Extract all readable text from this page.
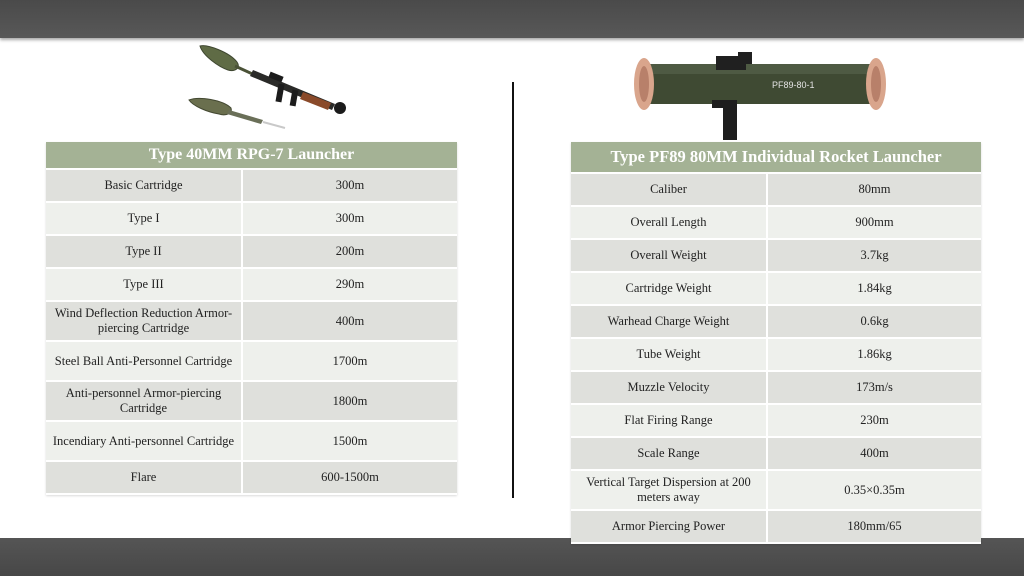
PF89-80-1
Type 40MM RPG-7 Launcher	
Basic Cartridge	300m
Type I	300m
Type II	200m
Type III	290m
Wind Deflection Reduction Armor-piercing Cartridge	400m
Steel Ball Anti-Personnel Cartridge	1700m
Anti-personnel Armor-piercing Cartridge	1800m
Incendiary Anti-personnel Cartridge	1500m
Flare	600-1500m
Type PF89 80MM Individual Rocket Launcher	
Caliber	80mm
Overall Length	900mm
Overall Weight	3.7kg
Cartridge Weight	1.84kg
Warhead Charge Weight	0.6kg
Tube Weight	1.86kg
Muzzle Velocity	173m/s
Flat Firing Range	230m
Scale Range	400m
Vertical Target Dispersion at 200 meters away	0.35×0.35m
Armor Piercing Power	180mm/65
